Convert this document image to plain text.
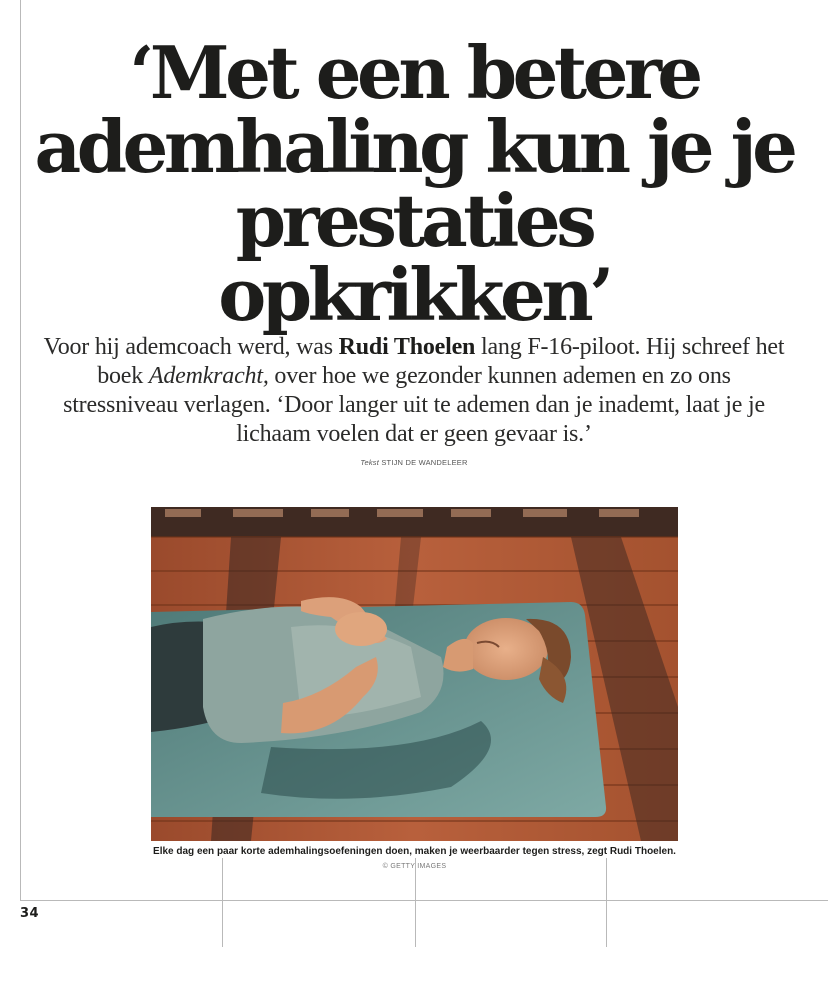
‘Met een betere ademhaling kun je je prestaties opkrikken’

Voor hij ademcoach werd, was Rudi Thoelen lang F-16-piloot. Hij schreef het boek Ademkracht, over hoe we gezonder kunnen ademen en zo ons stressniveau verlagen. ‘Door langer uit te ademen dan je inademt, laat je je lichaam voelen dat er geen gevaar is.’

Tekst STIJN DE WANDELEER

Elke dag een paar korte ademhalingsoefeningen doen, maken je weerbaarder tegen stress, zegt Rudi Thoelen. © GETTY IMAGES

34
